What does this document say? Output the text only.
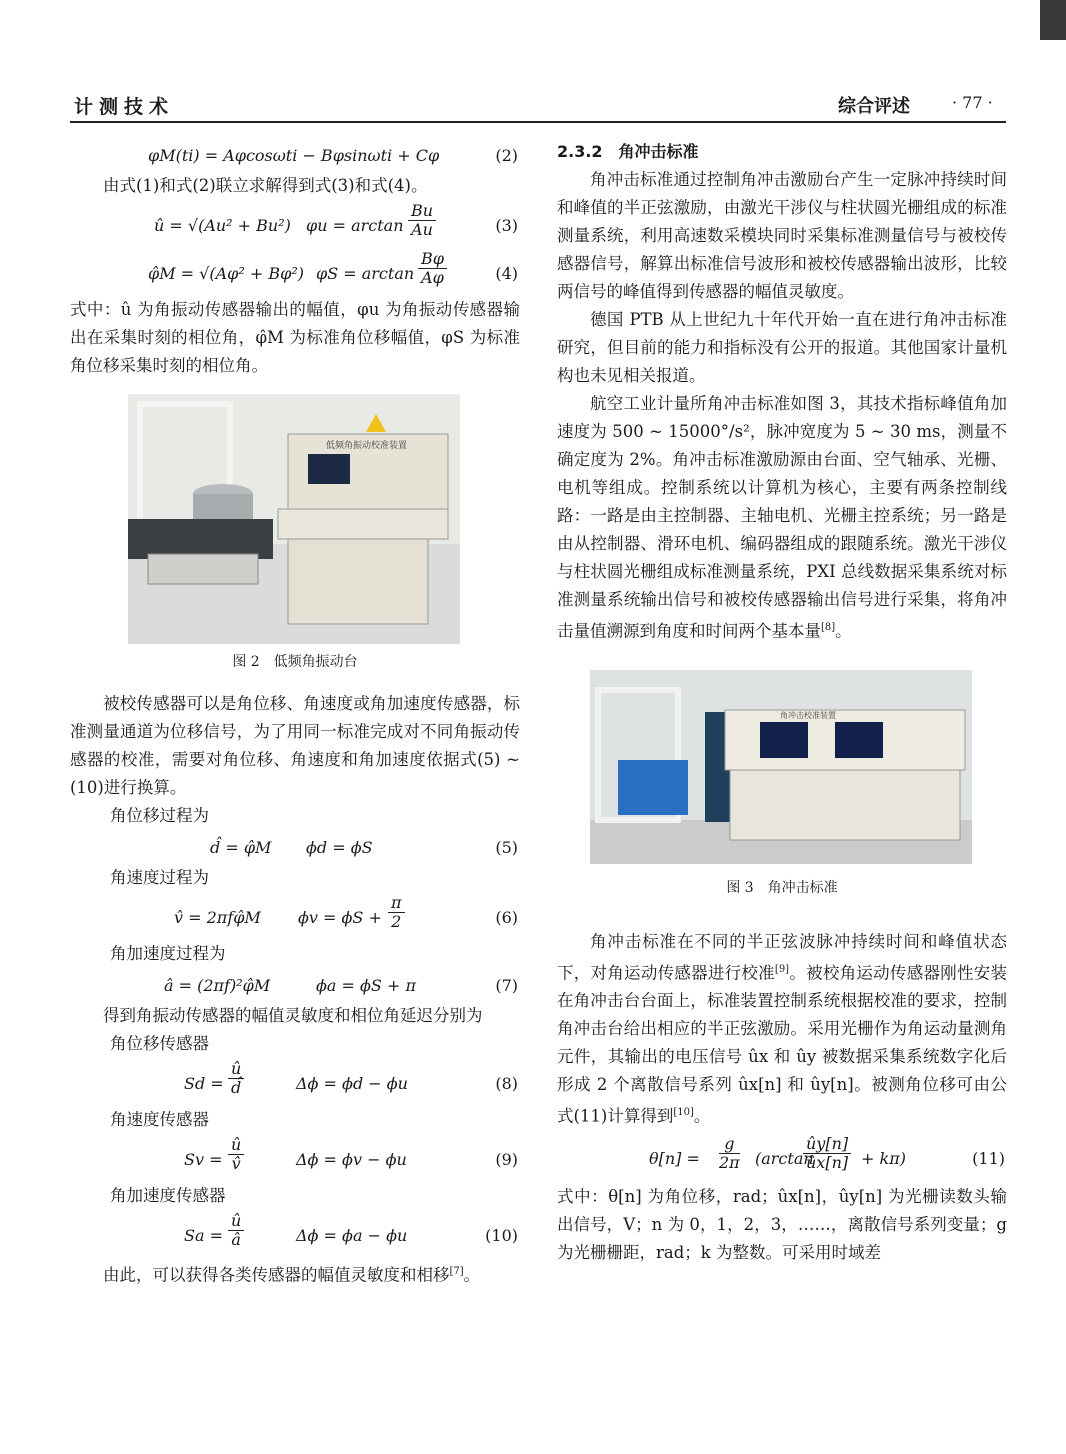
计测技术	综合评述	· 77 ·
φM(ti) = Aφcosωti − Bφsinωti + Cφ	(2)

由式(1)和式(2)联立求解得到式(3)和式(4)。

û = √(Au² + Bu²) $\varphi u = \arctan \frac{Bu}{Au}$	(3)
φ̂M = √(Aφ² + Bφ²) $\varphi S = \arctan \frac{B\varphi}{A\varphi}$	(4)

式中：û 为角振动传感器输出的幅值，φu 为角振动传感器输出在采集时刻的相位角，φ̂M 为标准角位移幅值，φS 为标准角位移采集时刻的相位角。

低频角振动校准装置

图 2　低频角振动台

被校传感器可以是角位移、角速度或角加速度传感器，标准测量通道为位移信号，为了用同一标准完成对不同角振动传感器的校准，需要对角位移、角速度和角加速度依据式(5) ~ (10)进行换算。

角位移过程为

d̂ = φ̂M ϕd = ϕS	(5)

角速度过程为

v̂ = 2πfφ̂M $\phi v = \phi S + \frac{\pi}{2}$	(6)

角加速度过程为

â = (2πf)²φ̂M	ϕa = ϕS + π	(7)

得到角振动传感器的幅值灵敏度和相位角延迟分别为

角位移传感器

$Sd = \frac{û}{d̂}$	Δϕ = ϕd − ϕu	(8)

角速度传感器

$Sv = \frac{û}{v̂}$	Δϕ = ϕv − ϕu	(9)

角加速度传感器

$Sa = \frac{û}{â}$	Δϕ = ϕa − ϕu	(10)

由此，可以获得各类传感器的幅值灵敏度和相移[7]。

2.3.2　角冲击标准

角冲击标准通过控制角冲击激励台产生一定脉冲持续时间和峰值的半正弦激励，由激光干涉仪与柱状圆光栅组成的标准测量系统，利用高速数采模块同时采集标准测量信号与被校传感器信号，解算出标准信号波形和被校传感器输出波形，比较两信号的峰值得到传感器的幅值灵敏度。

德国 PTB 从上世纪九十年代开始一直在进行角冲击标准研究，但目前的能力和指标没有公开的报道。其他国家计量机构也未见相关报道。

航空工业计量所角冲击标准如图 3，其技术指标峰值角加速度为 500 ~ 15000°/s²，脉冲宽度为 5 ~ 30 ms，测量不确定度为 2%。角冲击标准激励源由台面、空气轴承、光栅、电机等组成。控制系统以计算机为核心，主要有两条控制线路：一路是由主控制器、主轴电机、光栅主控系统；另一路是由从控制器、滑环电机、编码器组成的跟随系统。激光干涉仪与柱状圆光栅组成标准测量系统，PXI 总线数据采集系统对标准测量系统输出信号和被校传感器输出信号进行采集，将角冲击量值溯源到角度和时间两个基本量[8]。

角冲击校准装置

图 3　角冲击标准

角冲击标准在不同的半正弦波脉冲持续时间和峰值状态下，对角运动传感器进行校准[9]。被校角运动传感器刚性安装在角冲击台台面上，标准装置控制系统根据校准的要求，控制角冲击台给出相应的半正弦激励。采用光栅作为角运动量测角元件，其输出的电压信号 ûx 和 ûy 被数据采集系统数字化后形成 2 个离散信号系列 ûx[n] 和 ûy[n]。被测角位移可由公式(11)计算得到[10]。

$\theta[n] = \frac{g}{2\pi} (\arctan$
$\frac{ûy[n]}{ûx[n]} + k\pi$)	(11)

式中：θ[n] 为角位移，rad；ûx[n]，ûy[n] 为光栅读数头输出信号，V；n 为 0，1，2，3，……，离散信号系列变量；g 为光栅栅距，rad；k 为整数。可采用时域差
